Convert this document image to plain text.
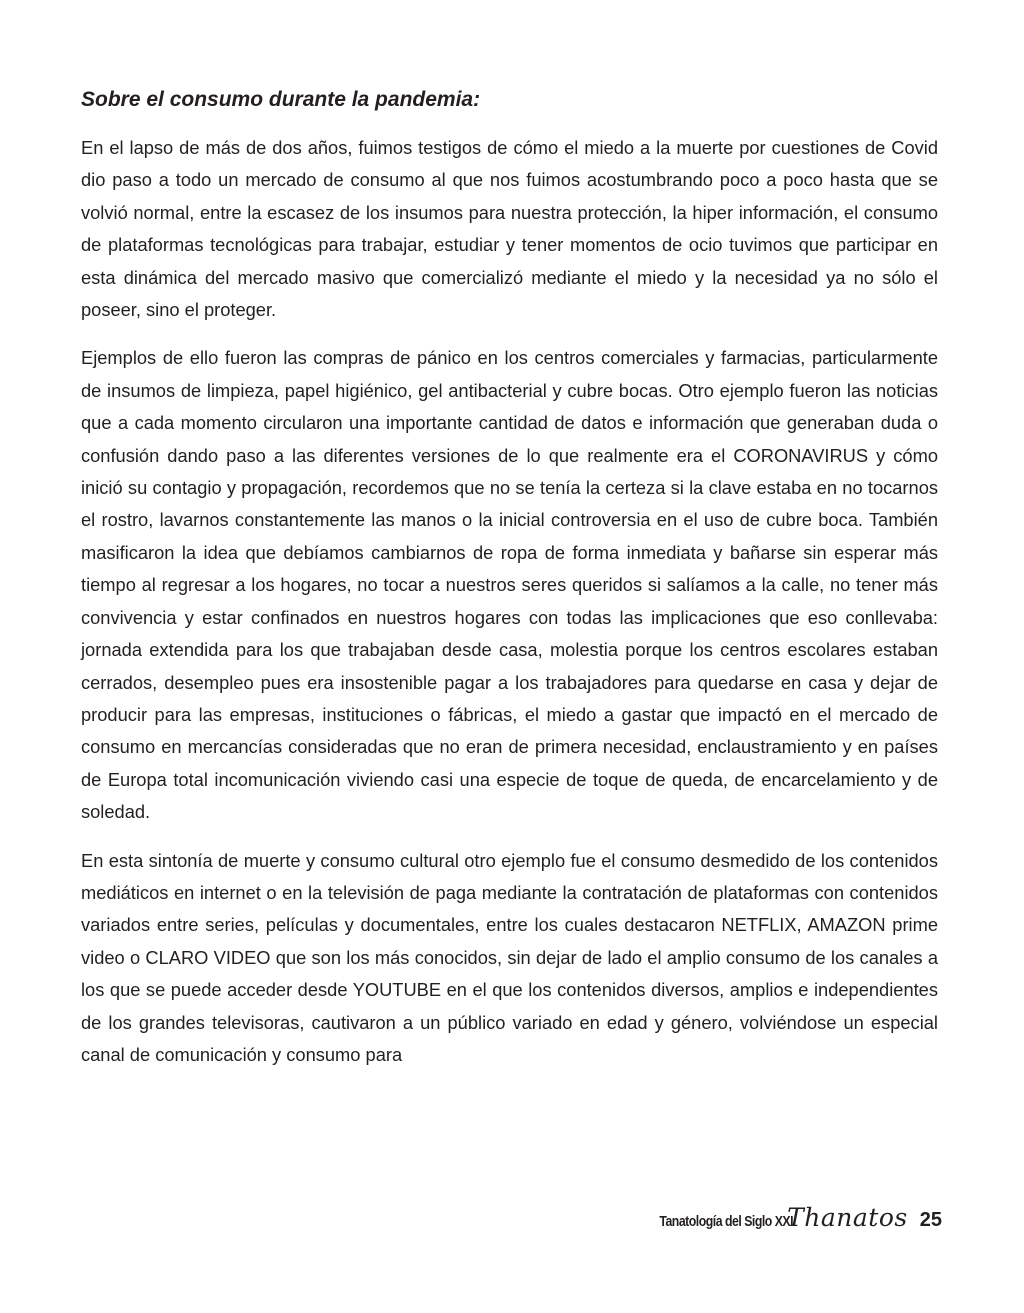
Sobre el consumo durante la pandemia:

En el lapso de más de dos años, fuimos testigos de cómo el miedo a la muerte por cuestiones de Covid dio paso a todo un mercado de consumo al que nos fuimos acostumbrando poco a poco hasta que se volvió normal, entre la escasez de los insumos para nuestra protección, la hiper información, el consumo de plataformas tecnológicas para trabajar, estudiar y tener momentos de ocio tuvimos que participar en esta dinámica del mercado masivo que comercializó mediante el miedo y la necesidad ya no sólo el poseer, sino el proteger.

Ejemplos de ello fueron las compras de pánico en los centros comerciales y farmacias, particularmente de insumos de limpieza, papel higiénico, gel antibacterial y cubre bocas. Otro ejemplo fueron las noticias que a cada momento circularon una importante cantidad de datos e información que generaban duda o confusión dando paso a las diferentes versiones de lo que realmente era el CORONAVIRUS y cómo inició su contagio y propagación, recordemos que no se tenía la certeza si la clave estaba en no tocarnos el rostro, lavarnos constantemente las manos o la inicial controversia en el uso de cubre boca. También masificaron la idea que debíamos cambiarnos de ropa de forma inmediata y bañarse sin esperar más tiempo al regresar a los hogares, no tocar a nuestros seres queridos si salíamos a la calle, no tener más convivencia y estar confinados en nuestros hogares con todas las implicaciones que eso conllevaba: jornada extendida para los que trabajaban desde casa, molestia porque los centros escolares estaban cerrados, desempleo pues era insostenible pagar a los trabajadores para quedarse en casa y dejar de producir para las empresas, instituciones o fábricas, el miedo a gastar que impactó en el mercado de consumo en mercancías consideradas que no eran de primera necesidad, enclaustramiento y en países de Europa total incomunicación viviendo casi una especie de toque de queda, de encarcelamiento y de soledad.

En esta sintonía de muerte y consumo cultural otro ejemplo fue el consumo desmedido de los contenidos mediáticos en internet o en la televisión de paga mediante la contratación de plataformas con contenidos variados entre series, películas y documentales, entre los cuales destacaron NETFLIX, AMAZON prime video o CLARO VIDEO que son los más conocidos, sin dejar de lado el amplio consumo de los canales a los que se puede acceder desde YOUTUBE en el que los contenidos diversos, amplios e independientes de los grandes televisoras, cautivaron a un público variado en edad y género, volviéndose un especial canal de comunicación y consumo para

Tanatología del Siglo XXI
Thanatos 25
